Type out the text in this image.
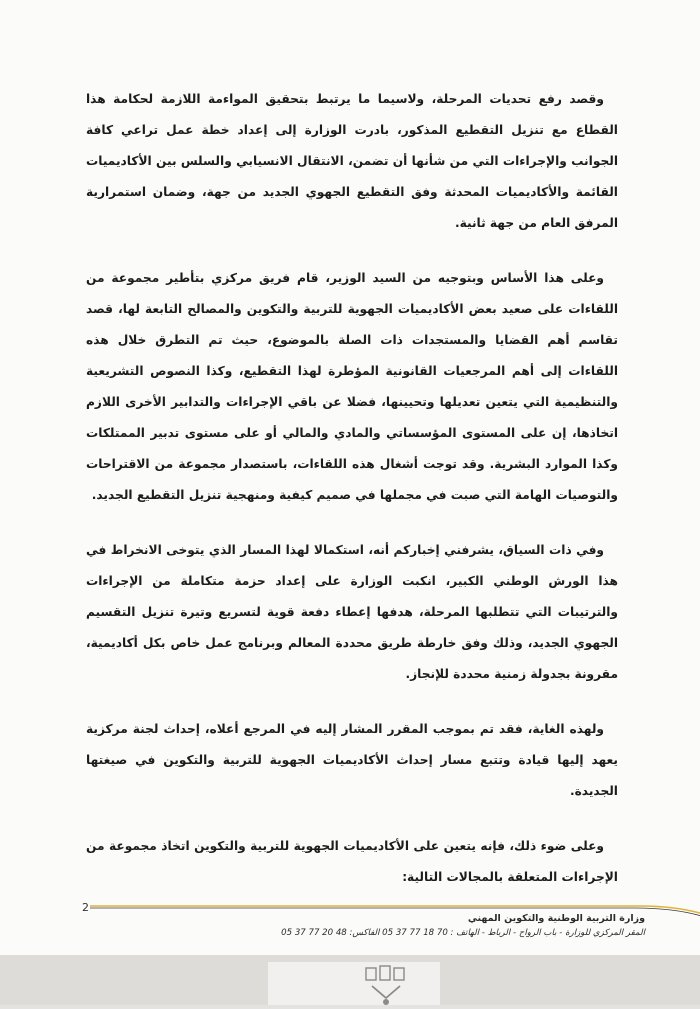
وقصد رفع تحديات المرحلة، ولاسيما ما يرتبط بتحقيق المواءمة اللازمة لحكامة هذا القطاع مع تنزيل التقطيع المذكور، بادرت الوزارة إلى إعداد خطة عمل تراعي كافة الجوانب والإجراءات التي من شأنها أن تضمن، الانتقال الانسيابي والسلس بين الأكاديميات القائمة والأكاديميات المحدثة وفق التقطيع الجهوي الجديد من جهة، وضمان استمرارية المرفق العام من جهة ثانية.

وعلى هذا الأساس وبتوجيه من السيد الوزير، قام فريق مركزي بتأطير مجموعة من اللقاءات على صعيد بعض الأكاديميات الجهوية للتربية والتكوين والمصالح التابعة لها، قصد تقاسم أهم القضايا والمستجدات ذات الصلة بالموضوع، حيث تم التطرق خلال هذه اللقاءات إلى أهم المرجعيات القانونية المؤطرة لهذا التقطيع، وكذا النصوص التشريعية والتنظيمية التي يتعين تعديلها وتحيينها، فضلا عن باقي الإجراءات والتدابير الأخرى اللازم اتخاذها، إن على المستوى المؤسساتي والمادي والمالي أو على مستوى تدبير الممتلكات وكذا الموارد البشرية. وقد توجت أشغال هذه اللقاءات، باستصدار مجموعة من الاقتراحات والتوصيات الهامة التي صبت في مجملها في صميم كيفية ومنهجية تنزيل التقطيع الجديد.

وفي ذات السياق، يشرفني إخباركم أنه، استكمالا لهذا المسار الذي يتوخى الانخراط في هذا الورش الوطني الكبير، انكبت الوزارة على إعداد حزمة متكاملة من الإجراءات والترتيبات التي تتطلبها المرحلة، هدفها إعطاء دفعة قوية لتسريع وتيرة تنزيل التقسيم الجهوي الجديد، وذلك وفق خارطة طريق محددة المعالم وبرنامج عمل خاص بكل أكاديمية، مقرونة بجدولة زمنية محددة للإنجاز.

ولهذه الغاية، فقد تم بموجب المقرر المشار إليه في المرجع أعلاه، إحداث لجنة مركزية يعهد إليها قيادة وتتبع مسار إحداث الأكاديميات الجهوية للتربية والتكوين في صيغتها الجديدة.

وعلى ضوء ذلك، فإنه يتعين على الأكاديميات الجهوية للتربية والتكوين اتخاذ مجموعة من الإجراءات المتعلقة بالمجالات التالية:

2
وزارة التربية الوطنية والتكوين المهني
المقر المركزي للوزارة - باب الرواح - الرباط - الهاتف : 70 18 77 37 05 الفاكس: 48 20 77 37 05
